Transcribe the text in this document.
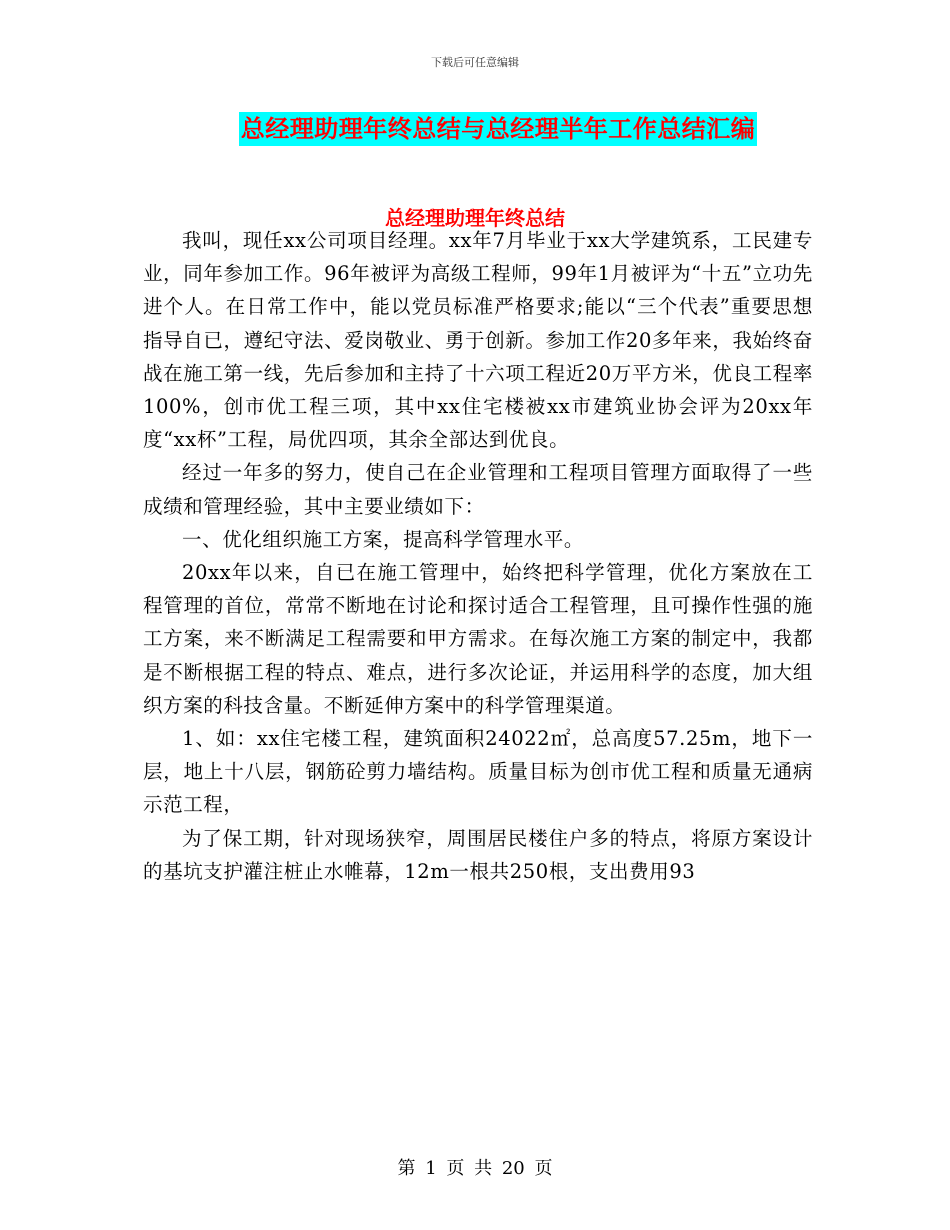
下载后可任意编辑
总经理助理年终总结与总经理半年工作总结汇编
总经理助理年终总结

我叫，现任xx公司项目经理。xx年7月毕业于xx大学建筑系，工民建专业，同年参加工作。96年被评为高级工程师，99年1月被评为“十五”立功先进个人。在日常工作中，能以党员标准严格要求;能以“三个代表”重要思想指导自已，遵纪守法、爱岗敬业、勇于创新。参加工作20多年来，我始终奋战在施工第一线，先后参加和主持了十六项工程近20万平方米，优良工程率100%，创市优工程三项，其中xx住宅楼被xx市建筑业协会评为20xx年度“xx杯”工程，局优四项，其余全部达到优良。

经过一年多的努力，使自己在企业管理和工程项目管理方面取得了一些成绩和管理经验，其中主要业绩如下：

一、优化组织施工方案，提高科学管理水平。

20xx年以来，自已在施工管理中，始终把科学管理，优化方案放在工程管理的首位，常常不断地在讨论和探讨适合工程管理，且可操作性强的施工方案，来不断满足工程需要和甲方需求。在每次施工方案的制定中，我都是不断根据工程的特点、难点，进行多次论证，并运用科学的态度，加大组织方案的科技含量。不断延伸方案中的科学管理渠道。

1、如：xx住宅楼工程，建筑面积24022㎡，总高度57.25m，地下一层，地上十八层，钢筋砼剪力墙结构。质量目标为创市优工程和质量无通病示范工程，

为了保工期，针对现场狭窄，周围居民楼住户多的特点，将原方案设计的基坑支护灌注桩止水帷幕，12m一根共250根，支出费用93

第 1 页 共 20 页
